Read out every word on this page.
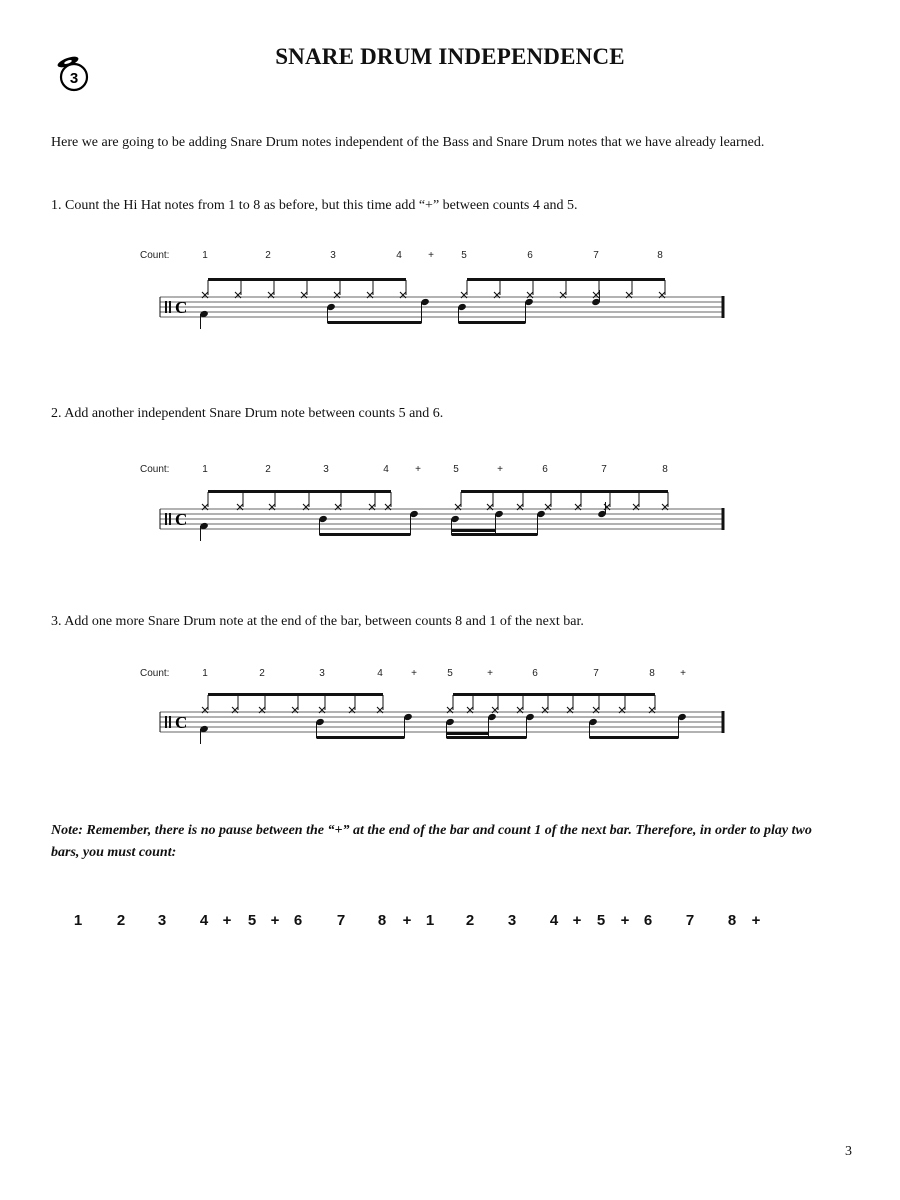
3
SNARE DRUM INDEPENDENCE
Here we are going to be adding Snare Drum notes independent of the Bass and Snare Drum notes that we have already learned.
1. Count the Hi Hat notes from 1 to 8 as before, but this time add “+” between counts 4 and 5.
Count:	1	2	3	4	+	5	6	7	8
C
2. Add another independent Snare Drum note between counts 5 and 6.
Count:	1	2	3	4	+	5	+	6	7	8
C
3. Add one more Snare Drum note at the end of the bar, between counts 8 and 1 of the next bar.
Count:	1	2	3	4	+	5	+	6	7	8	+
C
Note: Remember, there is no pause between the “+” at the end of the bar and count 1 of the next bar. Therefore, in order to play two bars, you must count:
1 2 3 4 + 5 + 6 7 8 + 1 2 3 4 + 5 + 6 7 8 +
3
